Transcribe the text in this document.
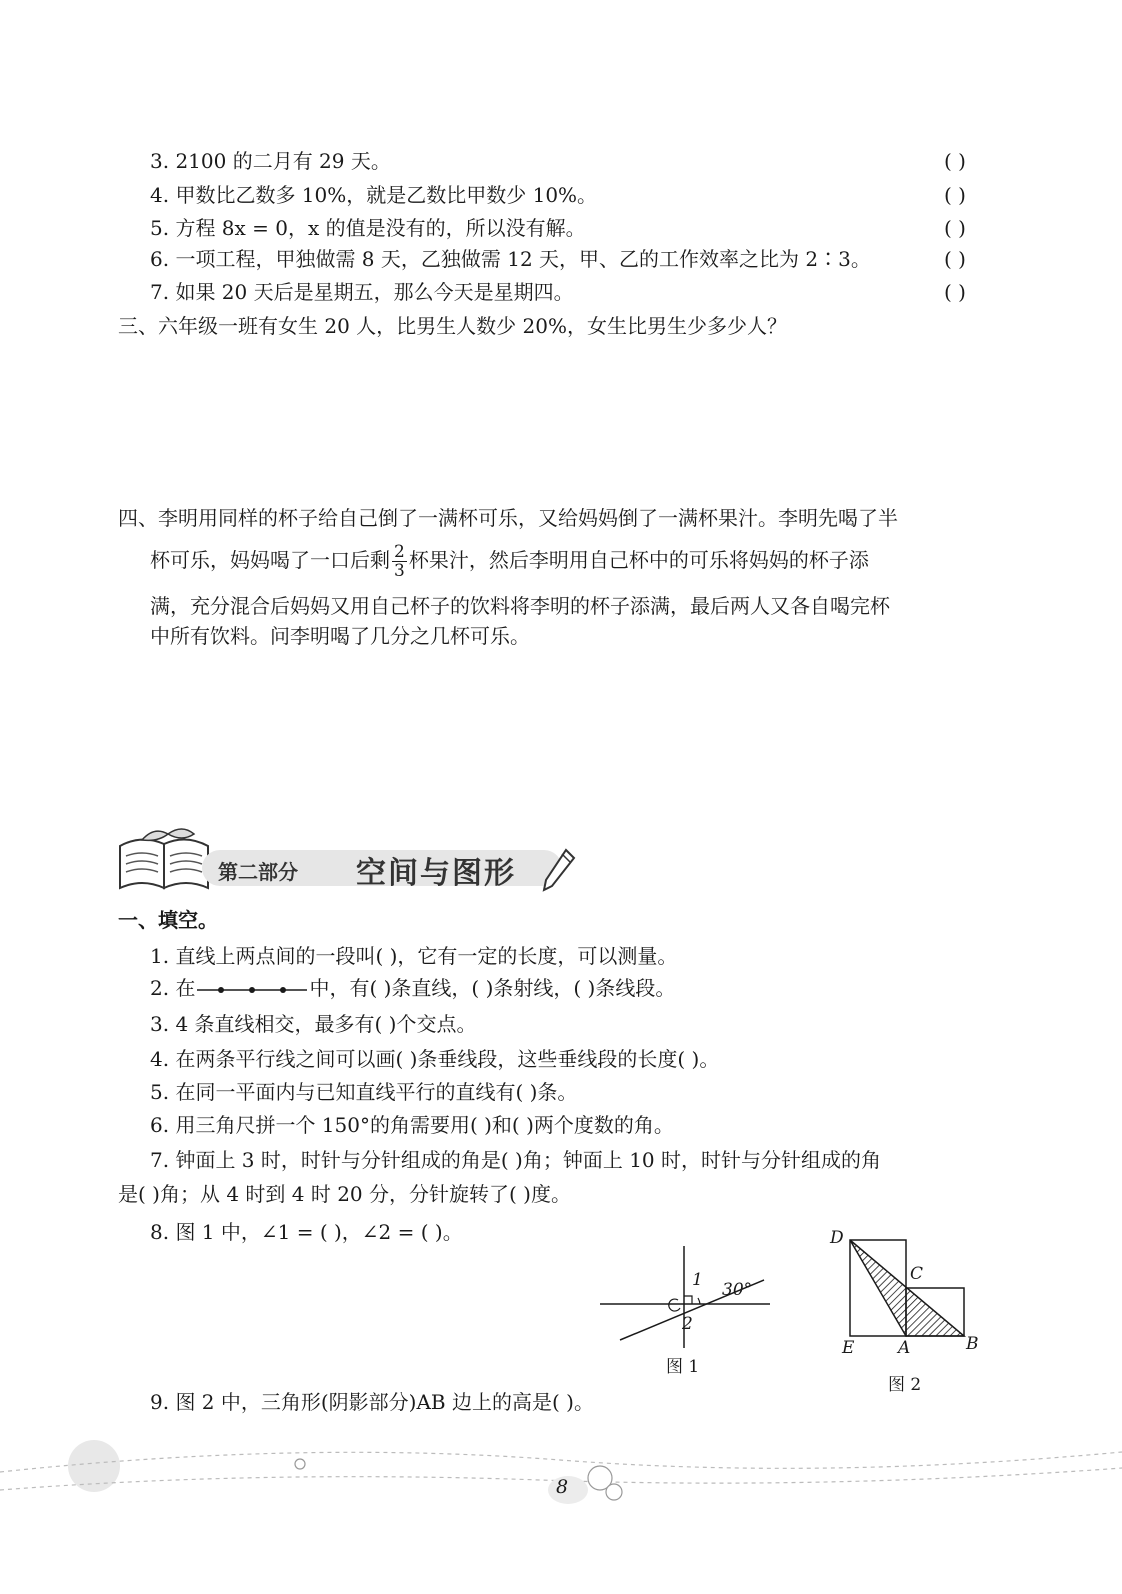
3. 2100 的二月有 29 天。	( )
4. 甲数比乙数多 10%，就是乙数比甲数少 10%。	( )
5. 方程 8x = 0，x 的值是没有的，所以没有解。	( )
6. 一项工程，甲独做需 8 天，乙独做需 12 天，甲、乙的工作效率之比为 2∶3。	( )
7. 如果 20 天后是星期五，那么今天是星期四。	( )
三、六年级一班有女生 20 人，比男生人数少 20%，女生比男生少多少人？
四、李明用同样的杯子给自己倒了一满杯可乐，又给妈妈倒了一满杯果汁。李明先喝了半
杯可乐，妈妈喝了一口后剩 $\frac{2}{3}$ 杯果汁，然后李明用自己杯中的可乐将妈妈的杯子添
满，充分混合后妈妈又用自己杯子的饮料将李明的杯子添满，最后两人又各自喝完杯
中所有饮料。问李明喝了几分之几杯可乐。
第二部分 空间与图形
一、填空。
1. 直线上两点间的一段叫( )，它有一定的长度，可以测量。
2. 在	中，有( )条直线，( )条射线，( )条线段。
3. 4 条直线相交，最多有( )个交点。
4. 在两条平行线之间可以画( )条垂线段，这些垂线段的长度( )。
5. 在同一平面内与已知直线平行的直线有( )条。
6. 用三角尺拼一个 150°的角需要用( )和( )两个度数的角。
7. 钟面上 3 时，时针与分针组成的角是( )角；钟面上 10 时，时针与分针组成的角
是( )角；从 4 时到 4 时 20 分，分针旋转了( )度。
8. 图 1 中，∠1 = ( )，∠2 = ( )。
9. 图 2 中，三角形(阴影部分)AB 边上的高是( )。
1 30°
2
图 1
D
C
E	A	B
图 2
8
